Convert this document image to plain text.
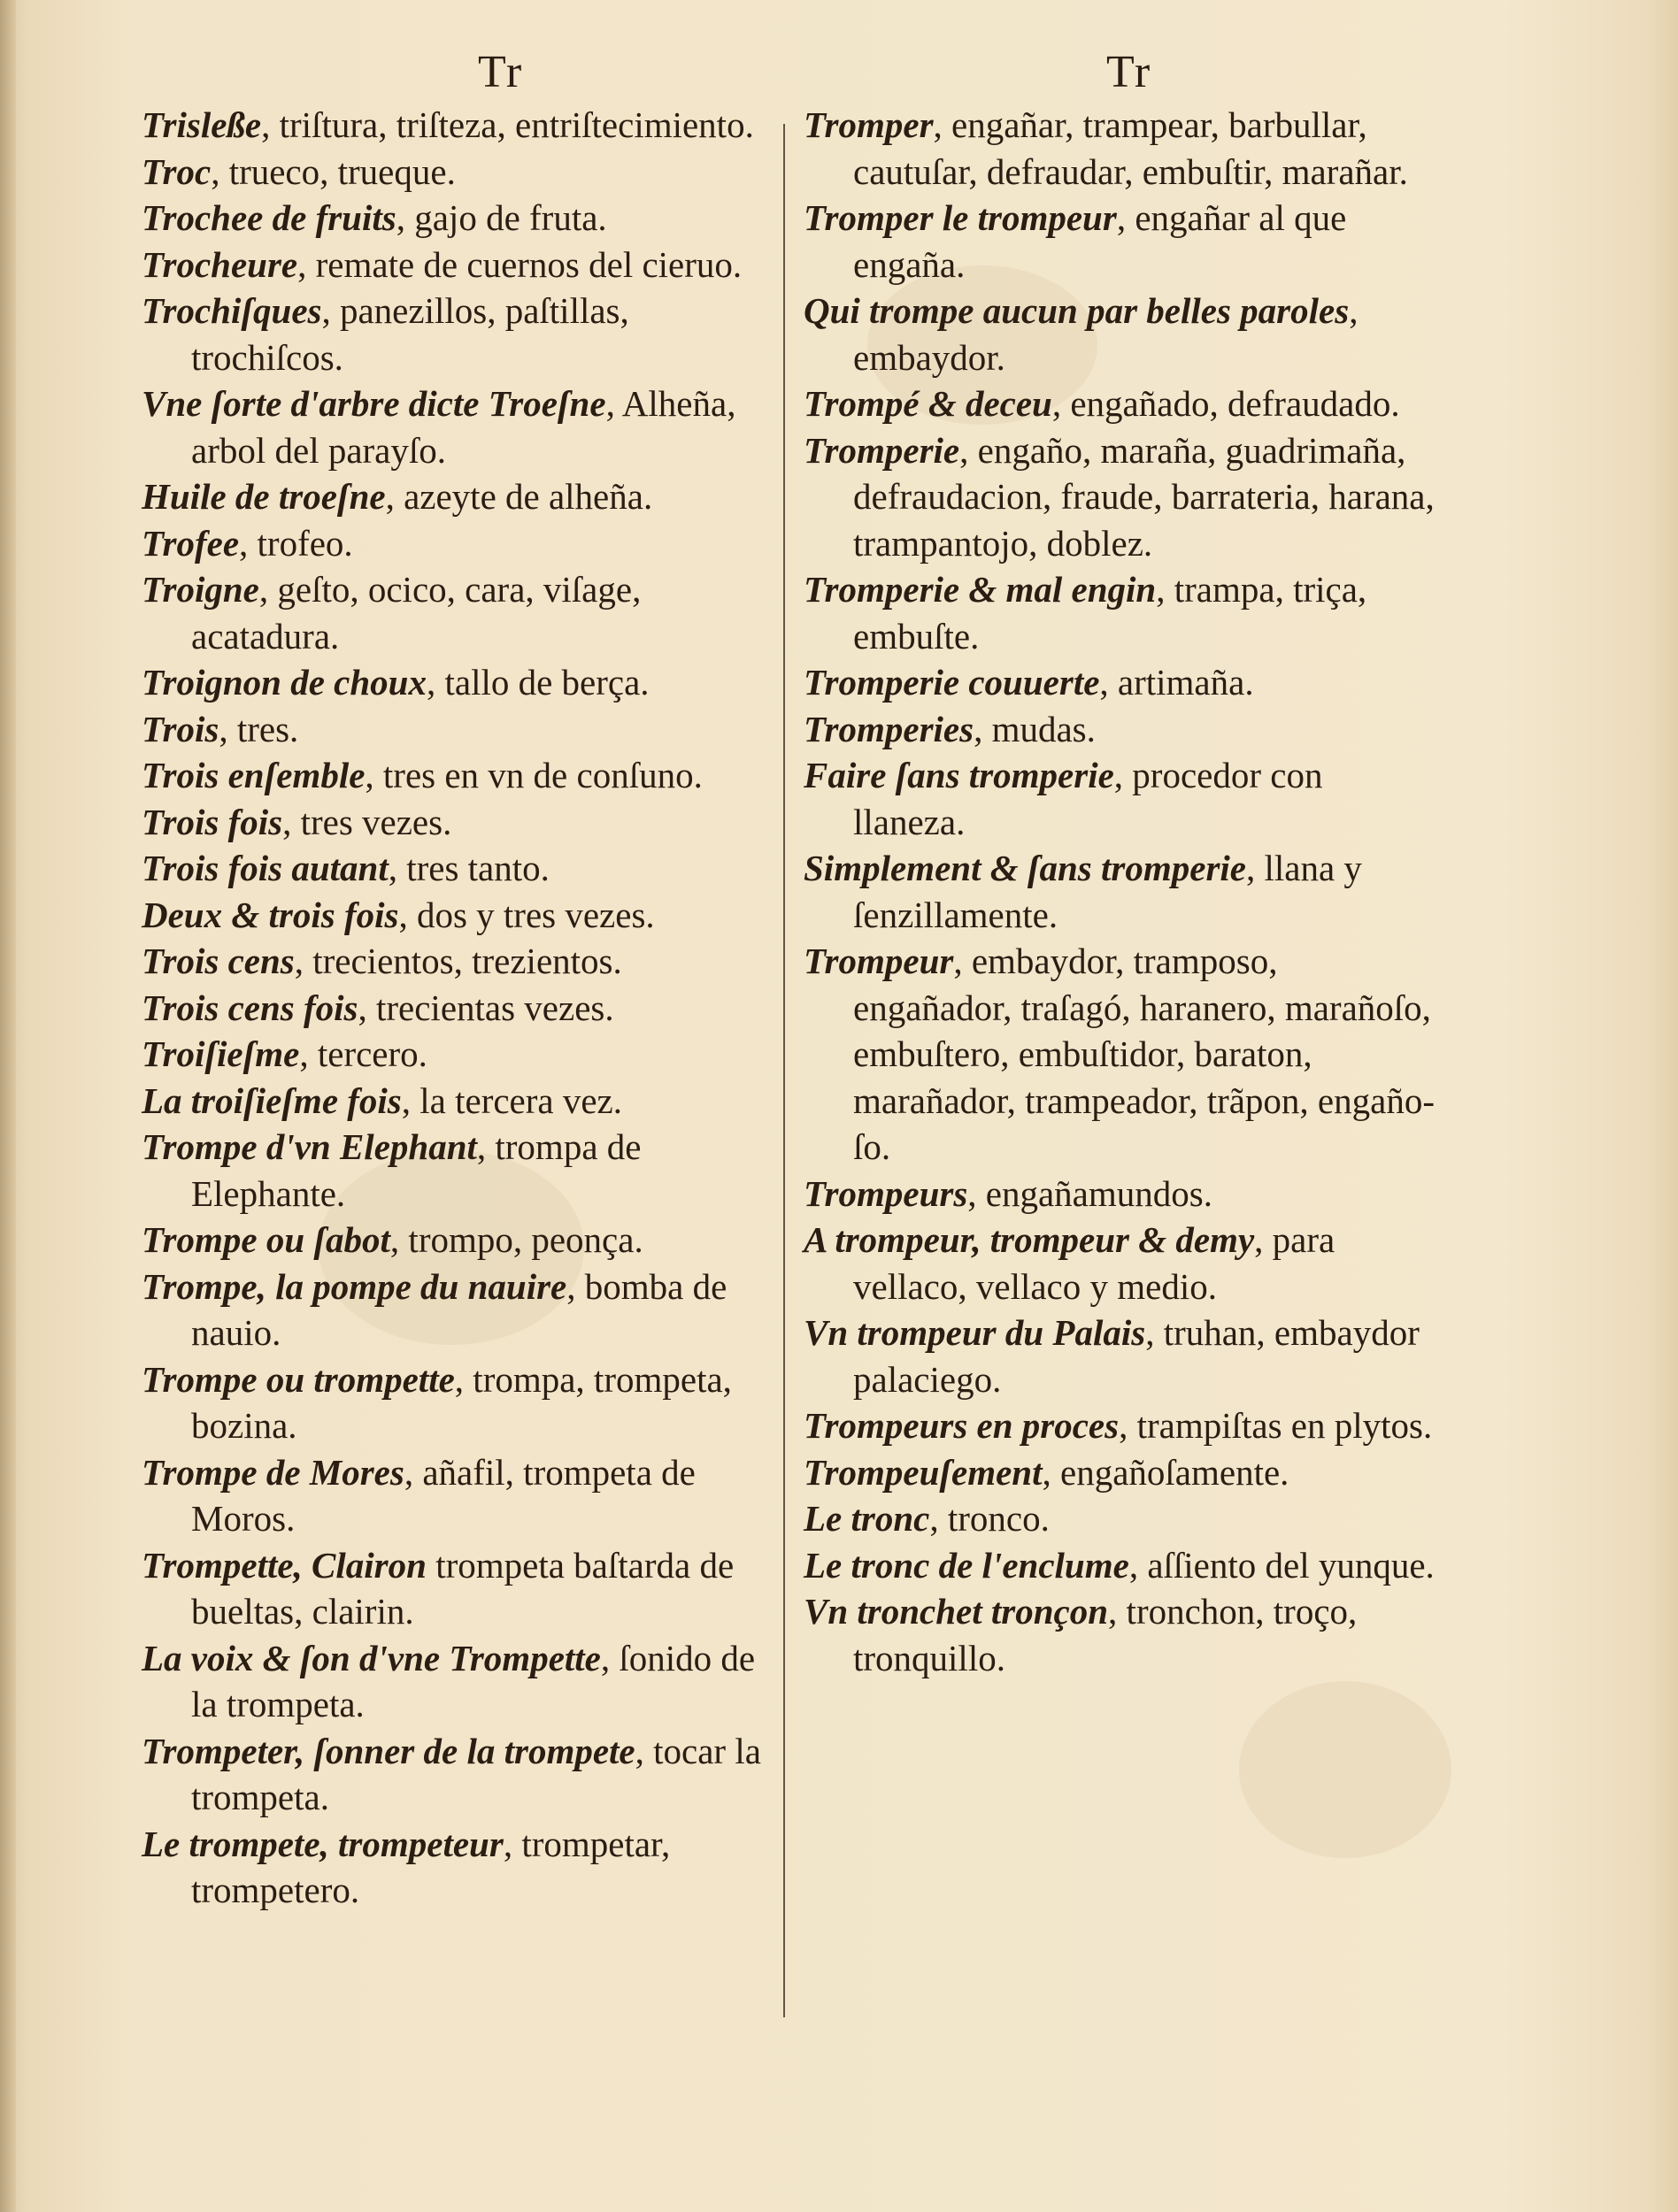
Tr	Tr

Trisleße, triſtura, triſteza, entriſtecimiento.

Troc, trueco, trueque.

Trochee de fruits, gajo de fruta.

Trocheure, remate de cuernos del cieruo.

Trochiſques, panezillos, paſtillas, trochiſcos.

Vne ſorte d'arbre dicte Troeſne, Alheña, arbol del parayſo.

Huile de troeſne, azeyte de alheña.

Trofee, trofeo.

Troigne, geſto, ocico, cara, viſage, acatadura.

Troignon de choux, tallo de berça.

Trois, tres.

Trois enſemble, tres en vn de conſuno.

Trois fois, tres vezes.

Trois fois autant, tres tanto.

Deux & trois fois, dos y tres vezes.

Trois cens, trecientos, trezientos.

Trois cens fois, trecientas vezes.

Troiſieſme, tercero.

La troiſieſme fois, la tercera vez.

Trompe d'vn Elephant, trompa de Elephante.

Trompe ou ſabot, trompo, peonça.

Trompe, la pompe du nauire, bomba de nauio.

Trompe ou trompette, trompa, trompeta, bozina.

Trompe de Mores, añafil, trompeta de Moros.

Trompette, Clairon trompeta baſtarda de bueltas, clairin.

La voix & ſon d'vne Trompette, ſonido de la trompeta.

Trompeter, ſonner de la trompete, tocar la trompeta.

Le trompete, trompeteur, trompetar, trompetero.

Tromper, engañar, trampear, barbullar, cautuſar, defraudar, embuſtir, marañar.

Tromper le trompeur, engañar al que engaña.

Qui trompe aucun par belles paroles, embaydor.

Trompé & deceu, engañado, defraudado.

Tromperie, engaño, maraña, guadrimaña, defraudacion, fraude, barrateria, harana, trampantojo, doblez.

Tromperie & mal engin, trampa, triça, embuſte.

Tromperie couuerte, artimaña.

Tromperies, mudas.

Faire ſans tromperie, procedor con llaneza.

Simplement & ſans tromperie, llana y ſenzillamente.

Trompeur, embaydor, tramposo, engañador, traſagó, haranero, marañoſo, embuſtero, embuſtidor, baraton, marañador, trampeador, trãpon, engañoſo.

Trompeurs, engañamundos.

A trompeur, trompeur & demy, para vellaco, vellaco y medio.

Vn trompeur du Palais, truhan, embaydor palaciego.

Trompeurs en proces, trampiſtas en plytos.

Trompeuſement, engañoſamente.

Le tronc, tronco.

Le tronc de l'enclume, aſſiento del yunque.

Vn tronchet tronçon, tronchon, troço, tronquillo.
